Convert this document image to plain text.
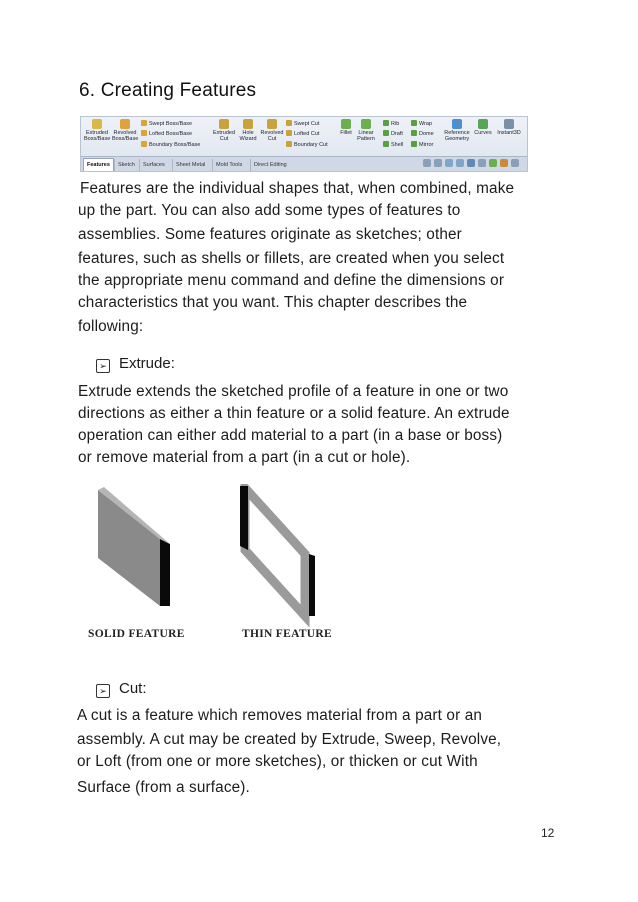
6. Creating Features
Extruded
Boss/Base
Revolved
Boss/Base
Swept Boss/Base
Lofted Boss/Base
Boundary Boss/Base
Extruded
Cut
Hole
Wizard
Revolved
Cut
Swept Cut
Lofted Cut
Boundary Cut
Fillet	Linear
Pattern
Rib
Draft
Shell
Wrap
Dome
Mirror
Reference
Geometry
Curves	Instant3D
Features	Sketch	Surfaces	Sheet Metal	Mold Tools	Direct Editing
Features are the individual shapes that, when combined, make
up the part. You can also add some types of features to
assemblies. Some features originate as sketches; other
features, such as shells or fillets, are created when you select
the appropriate menu command and define the dimensions or
characteristics that you want. This chapter describes the
following:
➢ Extrude:
Extrude extends the sketched profile of a feature in one or two
directions as either a thin feature or a solid feature. An extrude
operation can either add material to a part (in a base or boss)
or remove material from a part (in a cut or hole).
SOLID FEATURE	THIN FEATURE
➢ Cut:
A cut is a feature which removes material from a part or an
assembly. A cut may be created by Extrude, Sweep, Revolve,
or Loft (from one or more sketches), or thicken or cut With
Surface (from a surface).
12
